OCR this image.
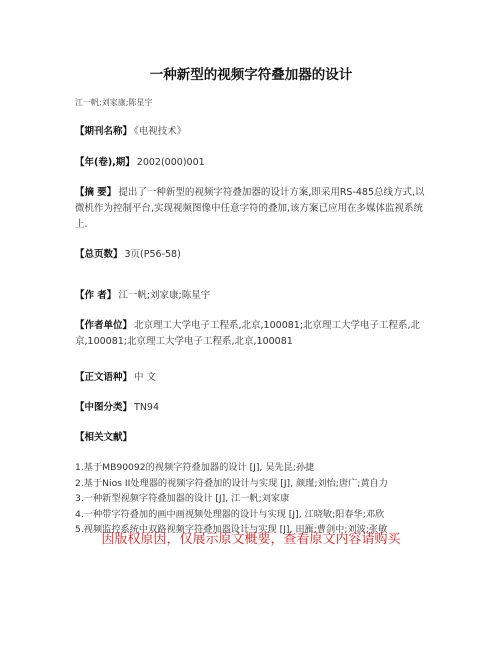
一种新型的视频字符叠加器的设计
江一帆;刘家康;陈星宇
【期刊名称】 《电视技术》
【年(卷),期】 2002(000)001
【摘 要】 提出了一种新型的视频字符叠加器的设计方案,即采用RS-485总线方式,以微机作为控制平台,实现视频图像中任意字符的叠加,该方案已应用在多媒体监视系统上.
【总页数】 3页(P56-58)
【作 者】 江一帆;刘家康;陈星宇
【作者单位】 北京理工大学电子工程系,北京,100081;北京理工大学电子工程系,北京,100081;北京理工大学电子工程系,北京,100081
【正文语种】 中 文
【中图分类】 TN94
【相关文献】
1.基于MB90092的视频字符叠加器的设计 [J], 吴先昆;孙捷
2.基于Nios II处理器的视频字符叠加的设计与实现 [J], 颜瑾;刘怡;唐广;黄自力
3.一种新型视频字符叠加器的设计 [J], 江一帆;刘家康
4.一种带字符叠加的画中画视频处理器的设计与实现 [J], 江晓敏;阳春华;邓欣
5.视频监控系统中双路视频字符叠加器设计与实现 [J], 田雁;曹剑中;刘波;张敏
因版权原因，仅展示原文概要，查看原文内容请购买
